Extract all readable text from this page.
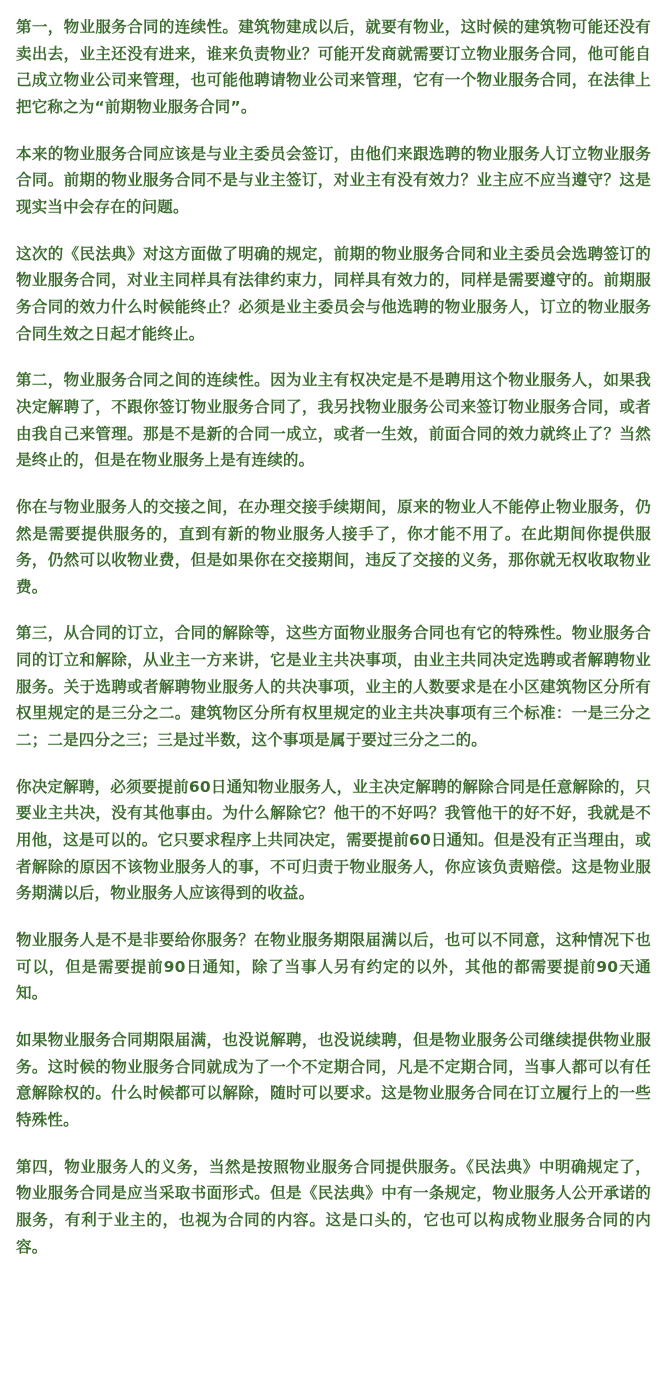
第一，物业服务合同的连续性。建筑物建成以后，就要有物业，这时候的建筑物可能还没有卖出去，业主还没有进来，谁来负责物业？可能开发商就需要订立物业服务合同，他可能自己成立物业公司来管理，也可能他聘请物业公司来管理，它有一个物业服务合同，在法律上把它称之为“前期物业服务合同”。

本来的物业服务合同应该是与业主委员会签订，由他们来跟选聘的物业服务人订立物业服务合同。前期的物业服务合同不是与业主签订，对业主有没有效力？业主应不应当遵守？这是现实当中会存在的问题。

这次的《民法典》对这方面做了明确的规定，前期的物业服务合同和业主委员会选聘签订的物业服务合同，对业主同样具有法律约束力，同样具有效力的，同样是需要遵守的。前期服务合同的效力什么时候能终止？必须是业主委员会与他选聘的物业服务人，订立的物业服务合同生效之日起才能终止。

第二，物业服务合同之间的连续性。因为业主有权决定是不是聘用这个物业服务人，如果我决定解聘了，不跟你签订物业服务合同了，我另找物业服务公司来签订物业服务合同，或者由我自己来管理。那是不是新的合同一成立，或者一生效，前面合同的效力就终止了？当然是终止的，但是在物业服务上是有连续的。

你在与物业服务人的交接之间，在办理交接手续期间，原来的物业人不能停止物业服务，仍然是需要提供服务的，直到有新的物业服务人接手了，你才能不用了。在此期间你提供服务，仍然可以收物业费，但是如果你在交接期间，违反了交接的义务，那你就无权收取物业费。

第三，从合同的订立，合同的解除等，这些方面物业服务合同也有它的特殊性。物业服务合同的订立和解除，从业主一方来讲，它是业主共决事项，由业主共同决定选聘或者解聘物业服务。关于选聘或者解聘物业服务人的共决事项，业主的人数要求是在小区建筑物区分所有权里规定的是三分之二。建筑物区分所有权里规定的业主共决事项有三个标准：一是三分之二；二是四分之三；三是过半数，这个事项是属于要过三分之二的。

你决定解聘，必须要提前60日通知物业服务人，业主决定解聘的解除合同是任意解除的，只要业主共决，没有其他事由。为什么解除它？他干的不好吗？我管他干的好不好，我就是不用他，这是可以的。它只要求程序上共同决定，需要提前60日通知。但是没有正当理由，或者解除的原因不该物业服务人的事，不可归责于物业服务人，你应该负责赔偿。这是物业服务期满以后，物业服务人应该得到的收益。

物业服务人是不是非要给你服务？在物业服务期限届满以后，也可以不同意，这种情况下也可以，但是需要提前90日通知，除了当事人另有约定的以外，其他的都需要提前90天通知。

如果物业服务合同期限届满，也没说解聘，也没说续聘，但是物业服务公司继续提供物业服务。这时候的物业服务合同就成为了一个不定期合同，凡是不定期合同，当事人都可以有任意解除权的。什么时候都可以解除，随时可以要求。这是物业服务合同在订立履行上的一些特殊性。

第四，物业服务人的义务，当然是按照物业服务合同提供服务。《民法典》中明确规定了，物业服务合同是应当采取书面形式。但是《民法典》中有一条规定，物业服务人公开承诺的服务，有利于业主的，也视为合同的内容。这是口头的，它也可以构成物业服务合同的内容。
